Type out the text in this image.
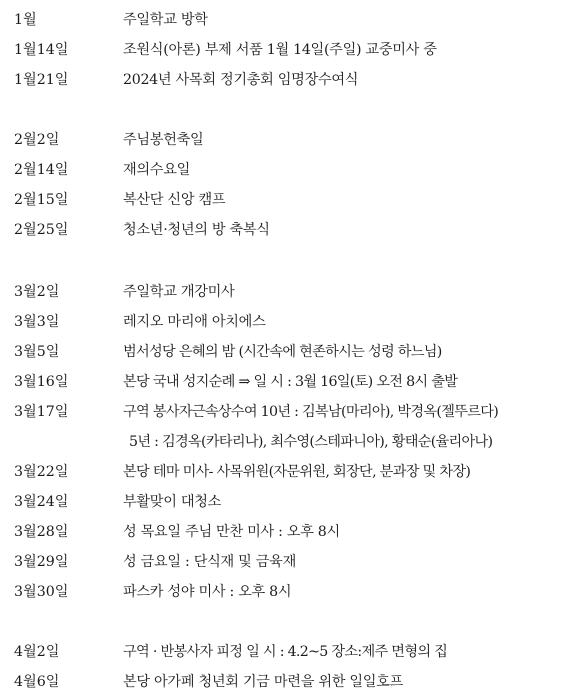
1월	주일학교 방학
1월14일	조원식(아론) 부제 서품 1월 14일(주일) 교중미사 중
1월21일	2024년 사목회 정기총회 임명장수여식
2월2일	주님봉헌축일
2월14일	재의수요일
2월15일	복산단 신앙 캠프
2월25일	청소년·청년의 방 축복식
3월2일	주일학교 개강미사
3월3일	레지오 마리애 아치에스
3월5일	범서성당 은혜의 밤 (시간속에 현존하시는 성령 하느님)
3월16일	본당 국내 성지순례 ⇒ 일 시 : 3월 16일(토) 오전 8시 출발
3월17일	구역 봉사자근속상수여 10년 : 김복남(마리아), 박경옥(젤뚜르다)
5년 : 김경옥(카타리나), 최수영(스테파니아), 황태순(율리아나)
3월22일	본당 테마 미사- 사목위원(자문위원, 회장단, 분과장 및 차장)
3월24일	부활맞이 대청소
3월28일	성 목요일 주님 만찬 미사 : 오후 8시
3월29일	성 금요일 : 단식재 및 금육재
3월30일	파스카 성야 미사 : 오후 8시
4월2일	구역 · 반봉사자 피정 일 시 : 4.2~5 장소:제주 면형의 집
4월6일	본당 아가페 청년회 기금 마련을 위한 일일호프
